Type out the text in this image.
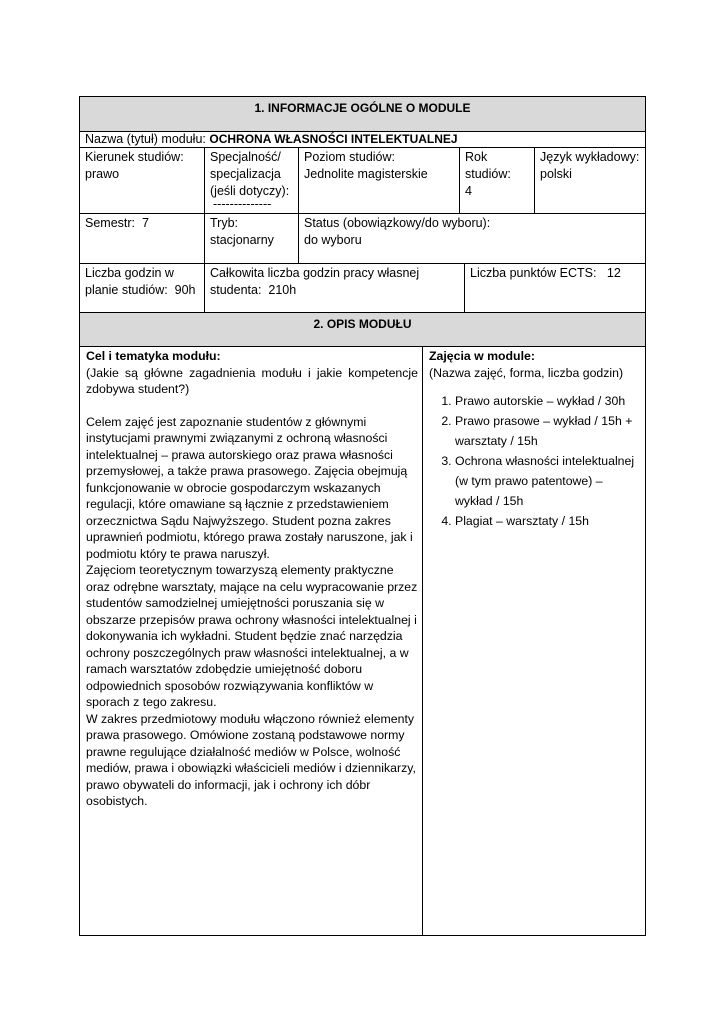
1. INFORMACJE OGÓLNE O MODULE
Nazwa (tytuł) modułu: OCHRONA WŁASNOŚCI INTELEKTUALNEJ
Kierunek studiów:
prawo
Specjalność/
specjalizacja
(jeśli dotyczy):
--------------
Poziom studiów:
Jednolite magisterskie
Rok
studiów:
4
Język wykładowy:
polski
Semestr: 7	Tryb:
stacjonarny
Status (obowiązkowy/do wyboru):
do wyboru
Liczba godzin w
planie studiów: 90h
Całkowita liczba godzin pracy własnej
studenta: 210h
Liczba punktów ECTS: 12
2. OPIS MODUŁU
Cel i tematyka modułu:
(Jakie są główne zagadnienia modułu i jakie kompetencje zdobywa student?)
Celem zajęć jest zapoznanie studentów z głównymi instytucjami prawnymi związanymi z ochroną własności intelektualnej – prawa autorskiego oraz prawa własności przemysłowej, a także prawa prasowego. Zajęcia obejmują funkcjonowanie w obrocie gospodarczym wskazanych regulacji, które omawiane są łącznie z przedstawieniem orzecznictwa Sądu Najwyższego. Student pozna zakres uprawnień podmiotu, którego prawa zostały naruszone, jak i podmiotu który te prawa naruszył.
Zajęciom teoretycznym towarzyszą elementy praktyczne oraz odrębne warsztaty, mające na celu wypracowanie przez studentów samodzielnej umiejętności poruszania się w obszarze przepisów prawa ochrony własności intelektualnej i dokonywania ich wykładni. Student będzie znać narzędzia ochrony poszczególnych praw własności intelektualnej, a w ramach warsztatów zdobędzie umiejętność doboru odpowiednich sposobów rozwiązywania konfliktów w sporach z tego zakresu.
W zakres przedmiotowy modułu włączono również elementy prawa prasowego. Omówione zostaną podstawowe normy prawne regulujące działalność mediów w Polsce, wolność mediów, prawa i obowiązki właścicieli mediów i dziennikarzy, prawo obywateli do informacji, jak i ochrony ich dóbr osobistych.
Zajęcia w module:
(Nazwa zajęć, forma, liczba godzin)
1. Prawo autorskie – wykład / 30h
2. Prawo prasowe – wykład / 15h + warsztaty / 15h
3. Ochrona własności intelektualnej (w tym prawo patentowe) – wykład / 15h
4. Plagiat – warsztaty / 15h
